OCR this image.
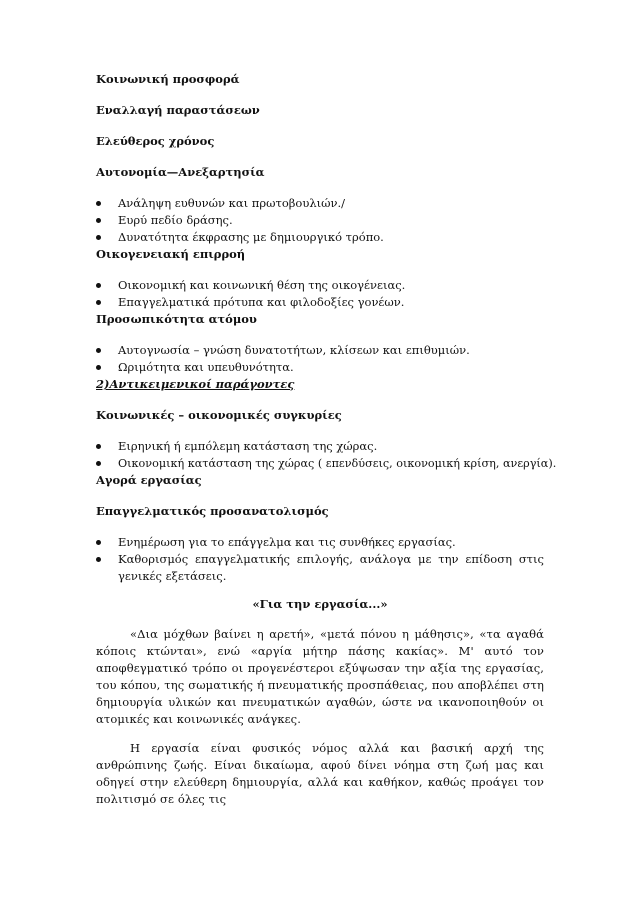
Κοινωνική προσφορά

Εναλλαγή παραστάσεων

Ελεύθερος χρόνος

Αυτονομία—Ανεξαρτησία

Ανάληψη ευθυνών και πρωτοβουλιών./
Ευρύ πεδίο δράσης.
Δυνατότητα έκφρασης με δημιουργικό τρόπο.

Οικογενειακή επιρροή

Οικονομική και κοινωνική θέση της οικογένειας.
Επαγγελματικά πρότυπα και φιλοδοξίες γονέων.

Προσωπικότητα ατόμου

Αυτογνωσία – γνώση δυνατοτήτων, κλίσεων και επιθυμιών.
Ωριμότητα και υπευθυνότητα.

2)Αντικειμενικοί παράγοντες

Κοινωνικές – οικονομικές συγκυρίες

Ειρηνική ή εμπόλεμη κατάσταση της χώρας.
Οικονομική κατάσταση της χώρας ( επενδύσεις, οικονομική κρίση, ανεργία).

Αγορά εργασίας

Επαγγελματικός προσανατολισμός

Ενημέρωση για το επάγγελμα και τις συνθήκες εργασίας.
Καθορισμός επαγγελματικής επιλογής, ανάλογα με την επίδοση στις γενικές εξετάσεις.

«Για την εργασία...»

«Δια μόχθων βαίνει η αρετή», «μετά πόνου η μάθησις», «τα αγαθά κόποις κτώνται», ενώ «αργία μήτηρ πάσης κακίας». Μ' αυτό τον αποφθεγματικό τρόπο οι προγενέστεροι εξύψωσαν την αξία της εργασίας, του κόπου, της σωματικής ή πνευματικής προσπάθειας, που αποβλέπει στη δημιουργία υλικών και πνευματικών αγαθών, ώστε να ικανοποιηθούν οι ατομικές και κοινωνικές ανάγκες.

Η εργασία είναι φυσικός νόμος αλλά και βασική αρχή της ανθρώπινης ζωής. Είναι δικαίωμα, αφού δίνει νόημα στη ζωή μας και οδηγεί στην ελεύθερη δημιουργία, αλλά και καθήκον, καθώς προάγει τον πολιτισμό σε όλες τις
